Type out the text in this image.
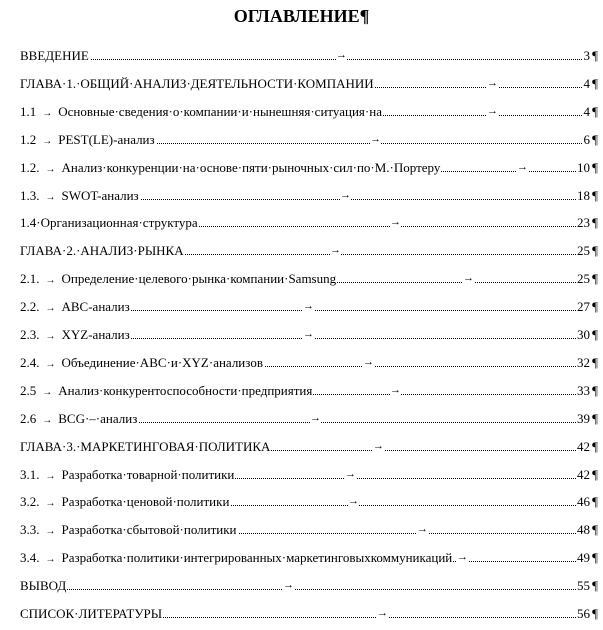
ОГЛАВЛЕНИЕ¶
ВВЕДЕНИЕ	→	3 ¶
ГЛАВА·1.·ОБЩИЙ·АНАЛИЗ·ДЕЯТЕЛЬНОСТИ·КОМПАНИИ	→	4 ¶
1.1 → Основные·сведения·о·компании·и·нынешняя·ситуация·на	→	4 ¶
1.2 → PEST(LE)-анализ	→	6 ¶
1.2. → Анализ·конкуренции·на·основе·пяти·рыночных·сил·по·М.·Портеру	→	10 ¶
1.3. → SWOT-анализ	→	18 ¶
1.4·Организационная·структура	→	23 ¶
ГЛАВА·2.·АНАЛИЗ·РЫНКА	→	25 ¶
2.1. → Определение·целевого·рынка·компании·Samsung	→	25 ¶
2.2. → ABC-анализ	→	27 ¶
2.3. → XYZ-анализ	→	30 ¶
2.4. → Объединение·ABC·и·XYZ·анализов	→	32 ¶
2.5 → Анализ·конкурентоспособности·предприятия	→	33 ¶
2.6 → BCG·–·анализ	→	39 ¶
ГЛАВА·3.·МАРКЕТИНГОВАЯ·ПОЛИТИКА	→	42 ¶
3.1. → Разработка·товарной·политики	→	42 ¶
3.2. → Разработка·ценовой·политики	→	46 ¶
3.3. → Разработка·сбытовой·политики	→	48 ¶
3.4. → Разработка·политики·интегрированных·маркетинговыхкоммуникаций →	49 ¶
ВЫВОД	→	55 ¶
СПИСОК·ЛИТЕРАТУРЫ	→	56 ¶
